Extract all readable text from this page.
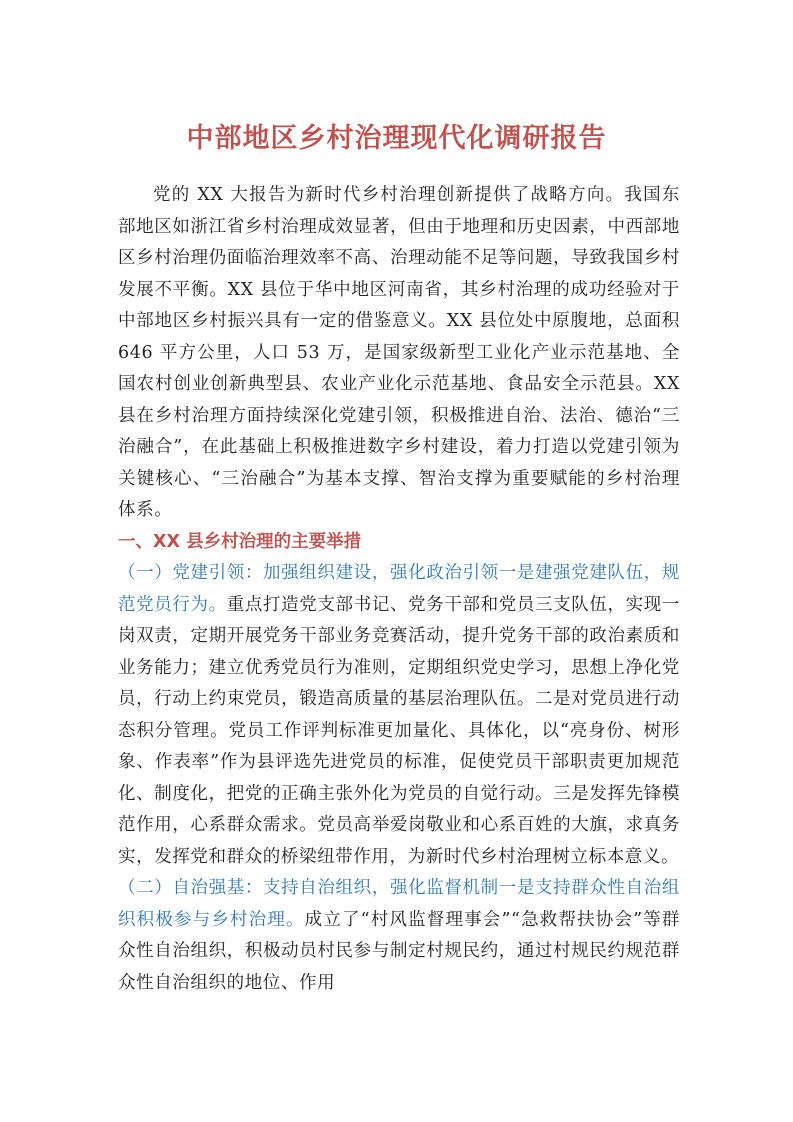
中部地区乡村治理现代化调研报告

党的 XX 大报告为新时代乡村治理创新提供了战略方向。我国东部地区如浙江省乡村治理成效显著，但由于地理和历史因素，中西部地区乡村治理仍面临治理效率不高、治理动能不足等问题，导致我国乡村发展不平衡。XX 县位于华中地区河南省，其乡村治理的成功经验对于中部地区乡村振兴具有一定的借鉴意义。XX 县位处中原腹地，总面积 646 平方公里，人口 53 万，是国家级新型工业化产业示范基地、全国农村创业创新典型县、农业产业化示范基地、食品安全示范县。XX 县在乡村治理方面持续深化党建引领，积极推进自治、法治、德治“三治融合”，在此基础上积极推进数字乡村建设，着力打造以党建引领为关键核心、“三治融合”为基本支撑、智治支撑为重要赋能的乡村治理体系。

一、XX 县乡村治理的主要举措

（一）党建引领：加强组织建设，强化政治引领一是建强党建队伍，规范党员行为。重点打造党支部书记、党务干部和党员三支队伍，实现一岗双责，定期开展党务干部业务竞赛活动，提升党务干部的政治素质和业务能力；建立优秀党员行为准则，定期组织党史学习，思想上净化党员，行动上约束党员，锻造高质量的基层治理队伍。二是对党员进行动态积分管理。党员工作评判标准更加量化、具体化，以“亮身份、树形象、作表率”作为县评选先进党员的标准，促使党员干部职责更加规范化、制度化，把党的正确主张外化为党员的自觉行动。三是发挥先锋模范作用，心系群众需求。党员高举爱岗敬业和心系百姓的大旗，求真务实，发挥党和群众的桥梁纽带作用，为新时代乡村治理树立标本意义。

（二）自治强基：支持自治组织，强化监督机制一是支持群众性自治组织积极参与乡村治理。成立了“村风监督理事会”“急救帮扶协会”等群众性自治组织，积极动员村民参与制定村规民约，通过村规民约规范群众性自治组织的地位、作用
